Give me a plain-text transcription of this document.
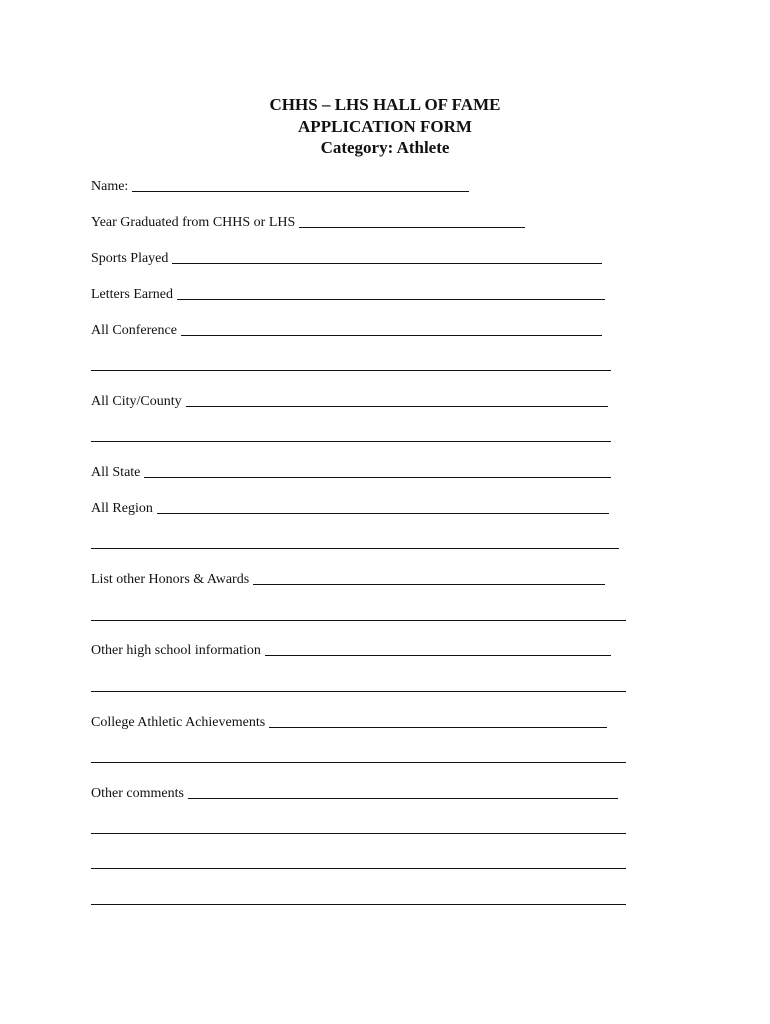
CHHS – LHS HALL OF FAME
APPLICATION FORM
Category: Athlete
Name:
Year Graduated from CHHS or LHS
Sports Played
Letters Earned
All Conference
All City/County
All State
All Region
List other Honors & Awards
Other high school information
College Athletic Achievements
Other comments
